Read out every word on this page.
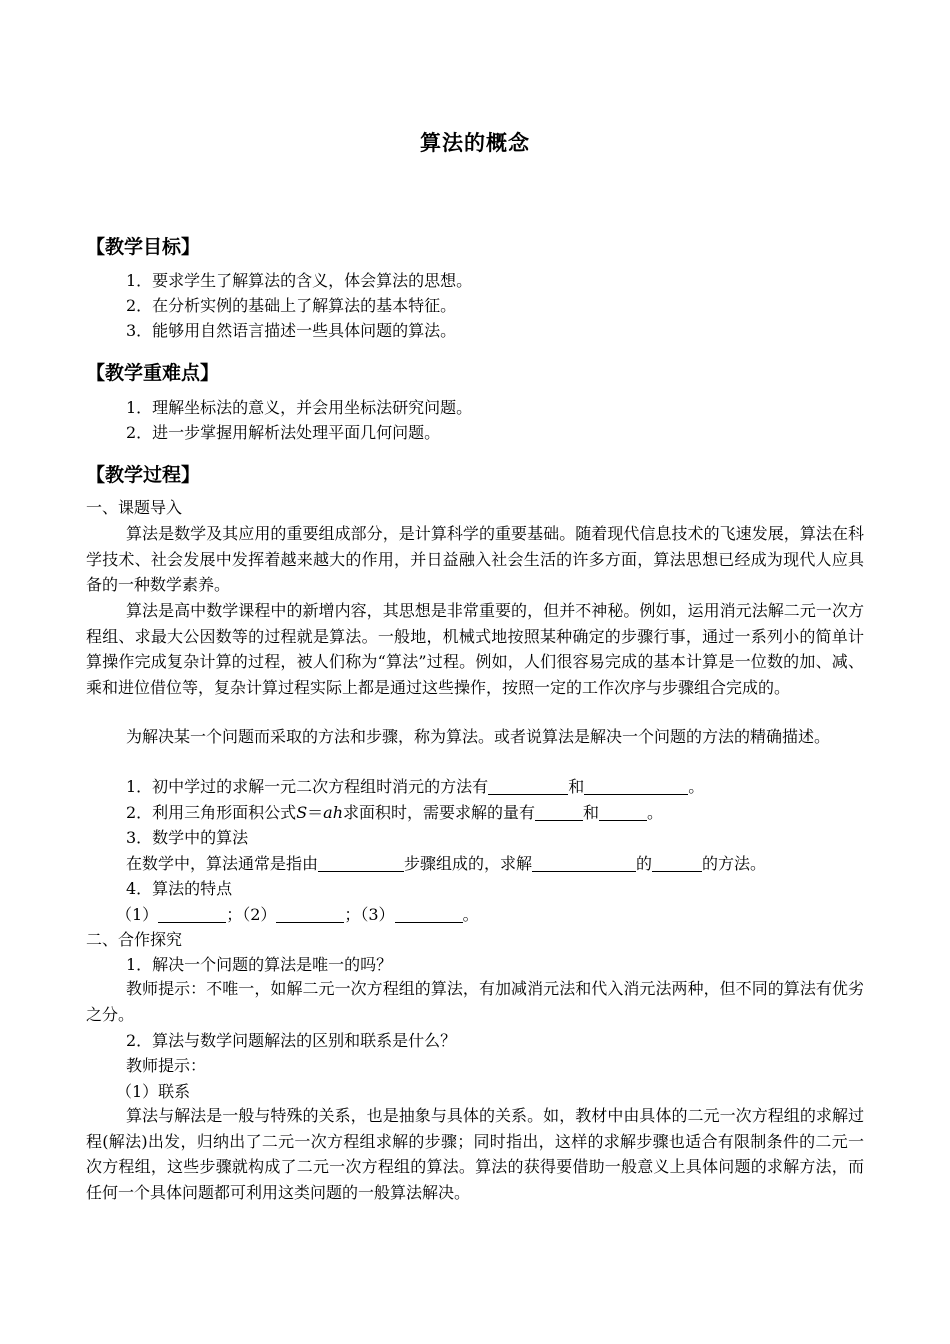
算法的概念
【教学目标】
1．要求学生了解算法的含义，体会算法的思想。
2．在分析实例的基础上了解算法的基本特征。
3．能够用自然语言描述一些具体问题的算法。
【教学重难点】
1．理解坐标法的意义，并会用坐标法研究问题。
2．进一步掌握用解析法处理平面几何问题。
【教学过程】
一、课题导入
算法是数学及其应用的重要组成部分，是计算科学的重要基础。随着现代信息技术的飞速发展，算法在科学技术、社会发展中发挥着越来越大的作用，并日益融入社会生活的许多方面，算法思想已经成为现代人应具备的一种数学素养。
算法是高中数学课程中的新增内容，其思想是非常重要的，但并不神秘。例如，运用消元法解二元一次方程组、求最大公因数等的过程就是算法。一般地，机械式地按照某种确定的步骤行事，通过一系列小的简单计算操作完成复杂计算的过程，被人们称为“算法”过程。例如，人们很容易完成的基本计算是一位数的加、减、乘和进位借位等，复杂计算过程实际上都是通过这些操作，按照一定的工作次序与步骤组合完成的。
为解决某一个问题而采取的方法和步骤，称为算法。或者说算法是解决一个问题的方法的精确描述。
1．初中学过的求解一元二次方程组时消元的方法有	和	。
2．利用三角形面积公式S＝ah求面积时，需要求解的量有	和	。
3．数学中的算法
在数学中，算法通常是指由	步骤组成的，求解	的	的方法。
4．算法的特点
（1）	；（2）	；（3）	。
二、合作探究
1．解决一个问题的算法是唯一的吗？
教师提示：不唯一，如解二元一次方程组的算法，有加减消元法和代入消元法两种，但不同的算法有优劣之分。
2．算法与数学问题解法的区别和联系是什么？
教师提示：
（1）联系
算法与解法是一般与特殊的关系，也是抽象与具体的关系。如，教材中由具体的二元一次方程组的求解过程(解法)出发，归纳出了二元一次方程组求解的步骤；同时指出，这样的求解步骤也适合有限制条件的二元一次方程组，这些步骤就构成了二元一次方程组的算法。算法的获得要借助一般意义上具体问题的求解方法，而任何一个具体问题都可利用这类问题的一般算法解决。
